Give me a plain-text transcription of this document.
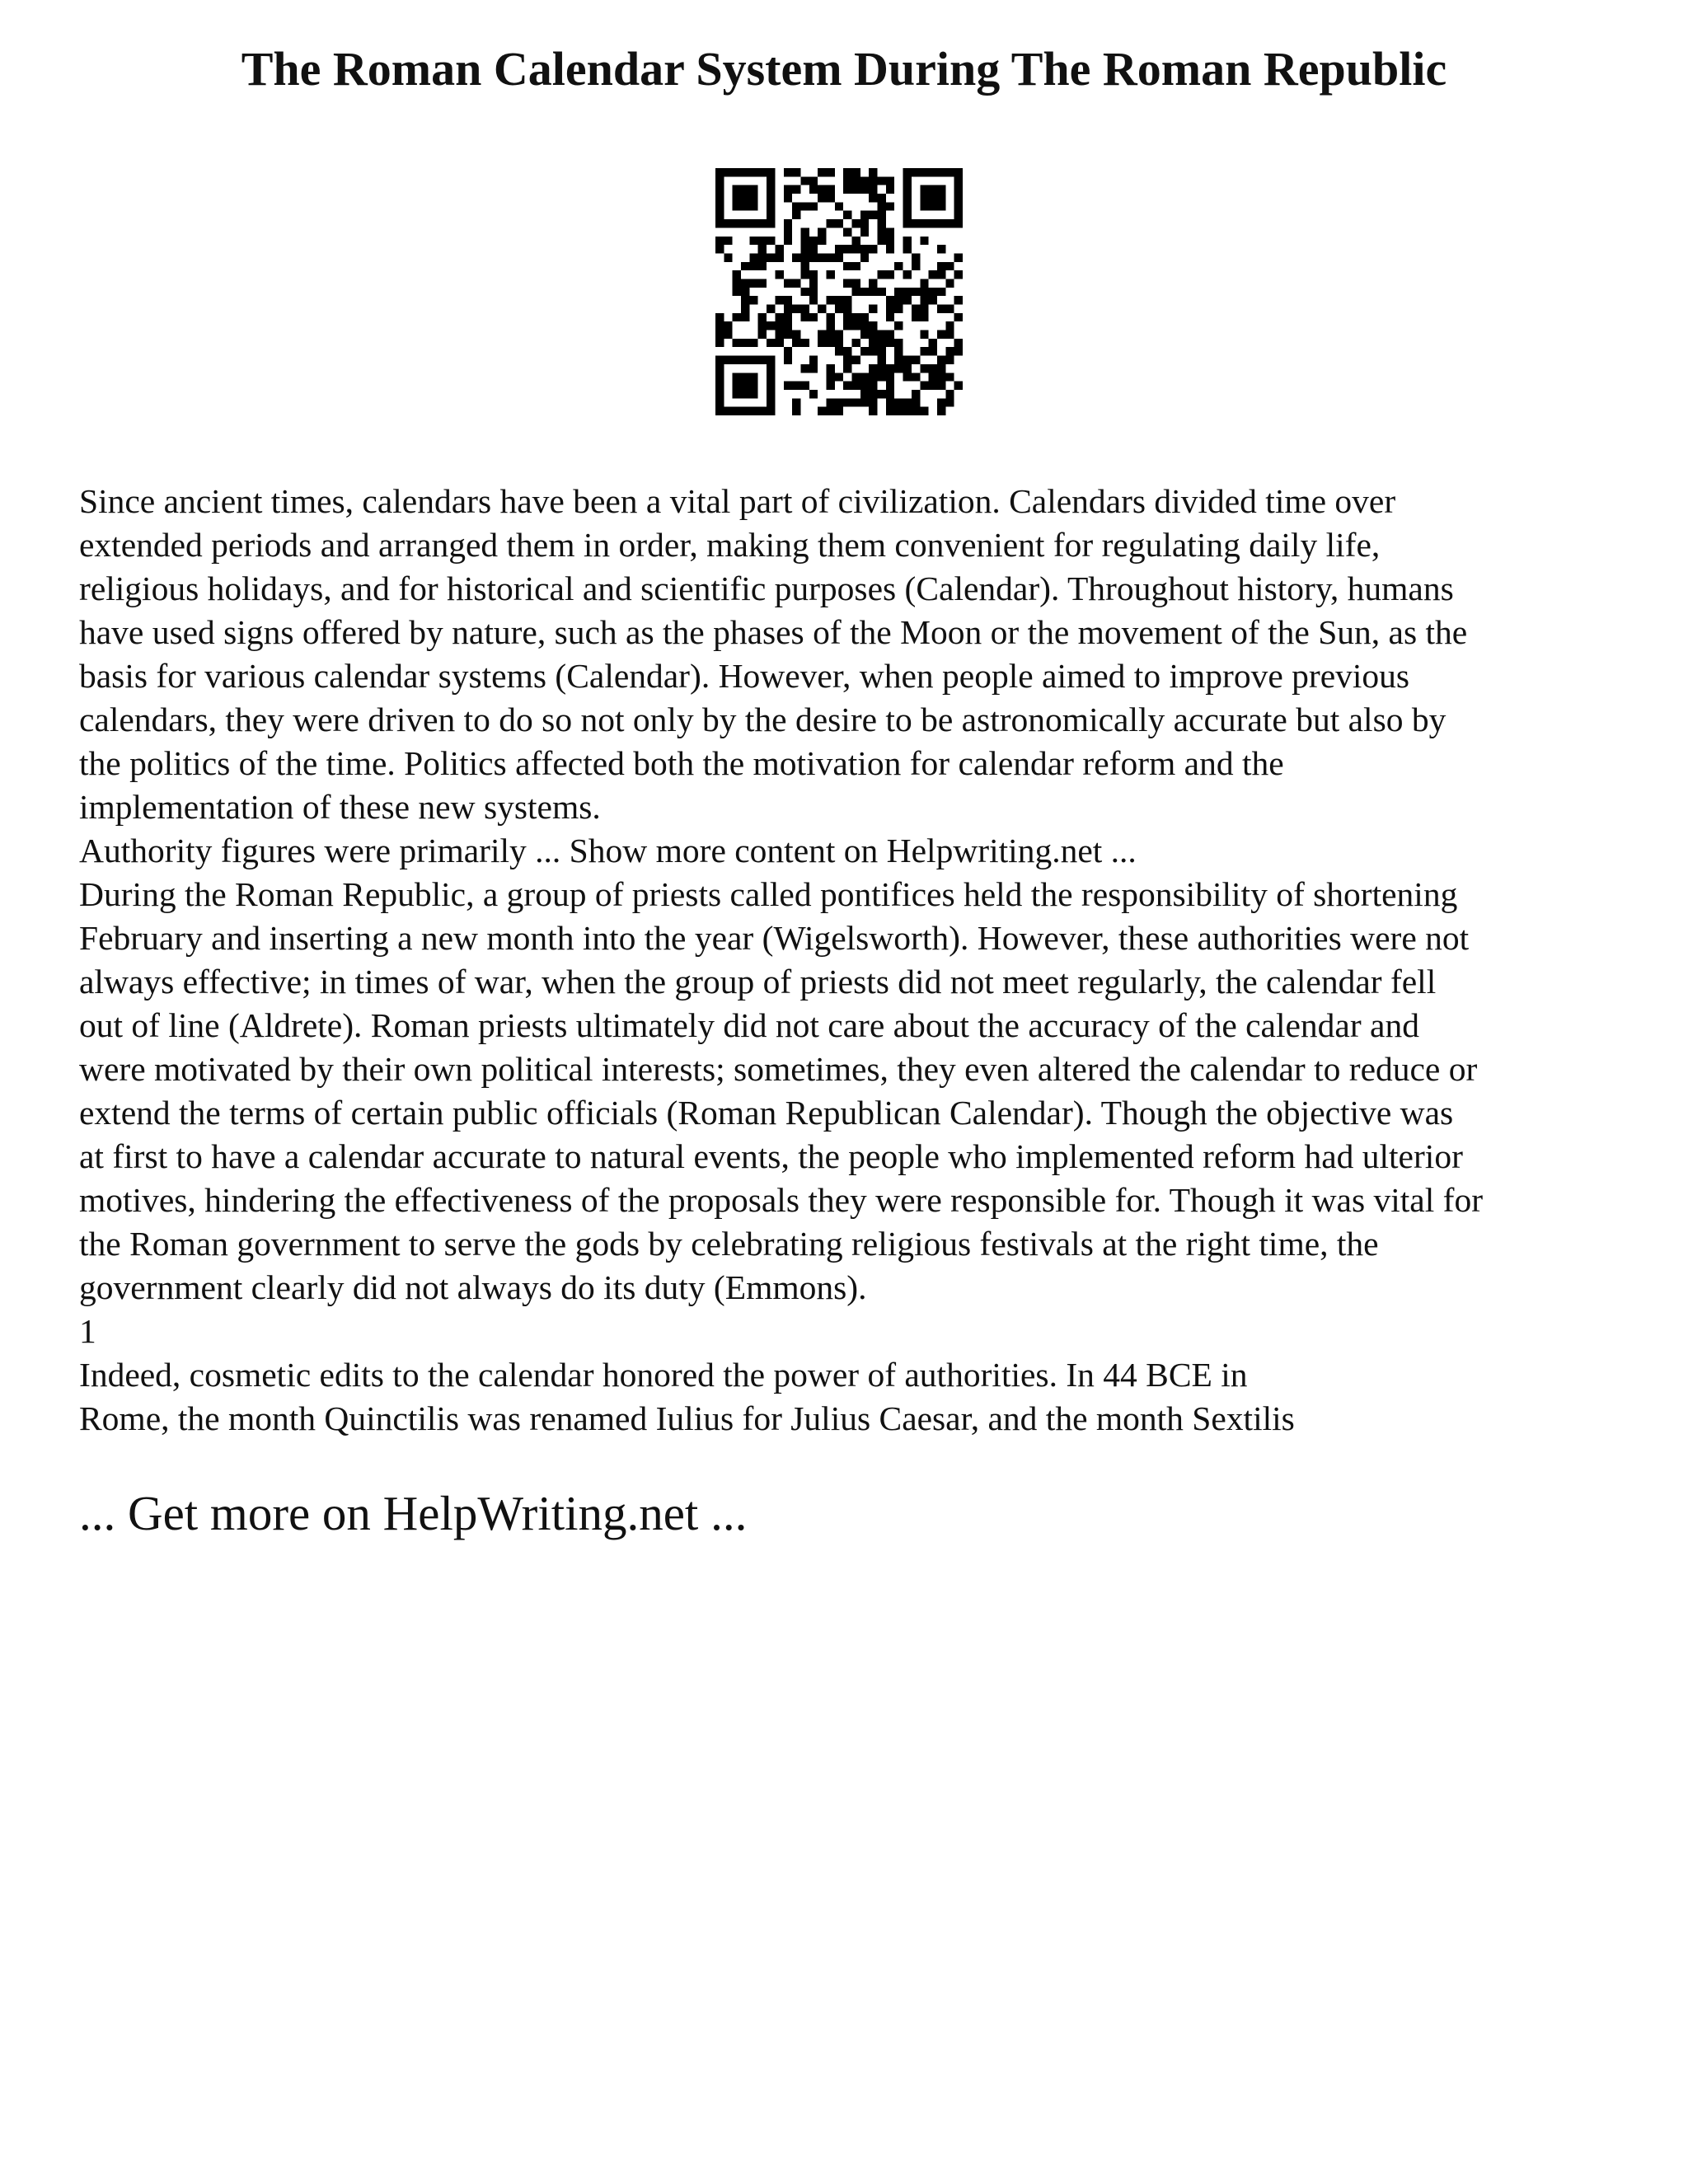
The Roman Calendar System During The Roman Republic

Since ancient times, calendars have been a vital part of civilization. Calendars divided time over
extended periods and arranged them in order, making them convenient for regulating daily life,
religious holidays, and for historical and scientific purposes (Calendar). Throughout history, humans
have used signs offered by nature, such as the phases of the Moon or the movement of the Sun, as the
basis for various calendar systems (Calendar). However, when people aimed to improve previous
calendars, they were driven to do so not only by the desire to be astronomically accurate but also by
the politics of the time. Politics affected both the motivation for calendar reform and the
implementation of these new systems.

Authority figures were primarily ... Show more content on Helpwriting.net ...

During the Roman Republic, a group of priests called pontifices held the responsibility of shortening
February and inserting a new month into the year (Wigelsworth). However, these authorities were not
always effective; in times of war, when the group of priests did not meet regularly, the calendar fell
out of line (Aldrete). Roman priests ultimately did not care about the accuracy of the calendar and
were motivated by their own political interests; sometimes, they even altered the calendar to reduce or
extend the terms of certain public officials (Roman Republican Calendar). Though the objective was
at first to have a calendar accurate to natural events, the people who implemented reform had ulterior
motives, hindering the effectiveness of the proposals they were responsible for. Though it was vital for
the Roman government to serve the gods by celebrating religious festivals at the right time, the
government clearly did not always do its duty (Emmons).

1

Indeed, cosmetic edits to the calendar honored the power of authorities. In 44 BCE in
Rome, the month Quinctilis was renamed Iulius for Julius Caesar, and the month Sextilis

... Get more on HelpWriting.net ...
